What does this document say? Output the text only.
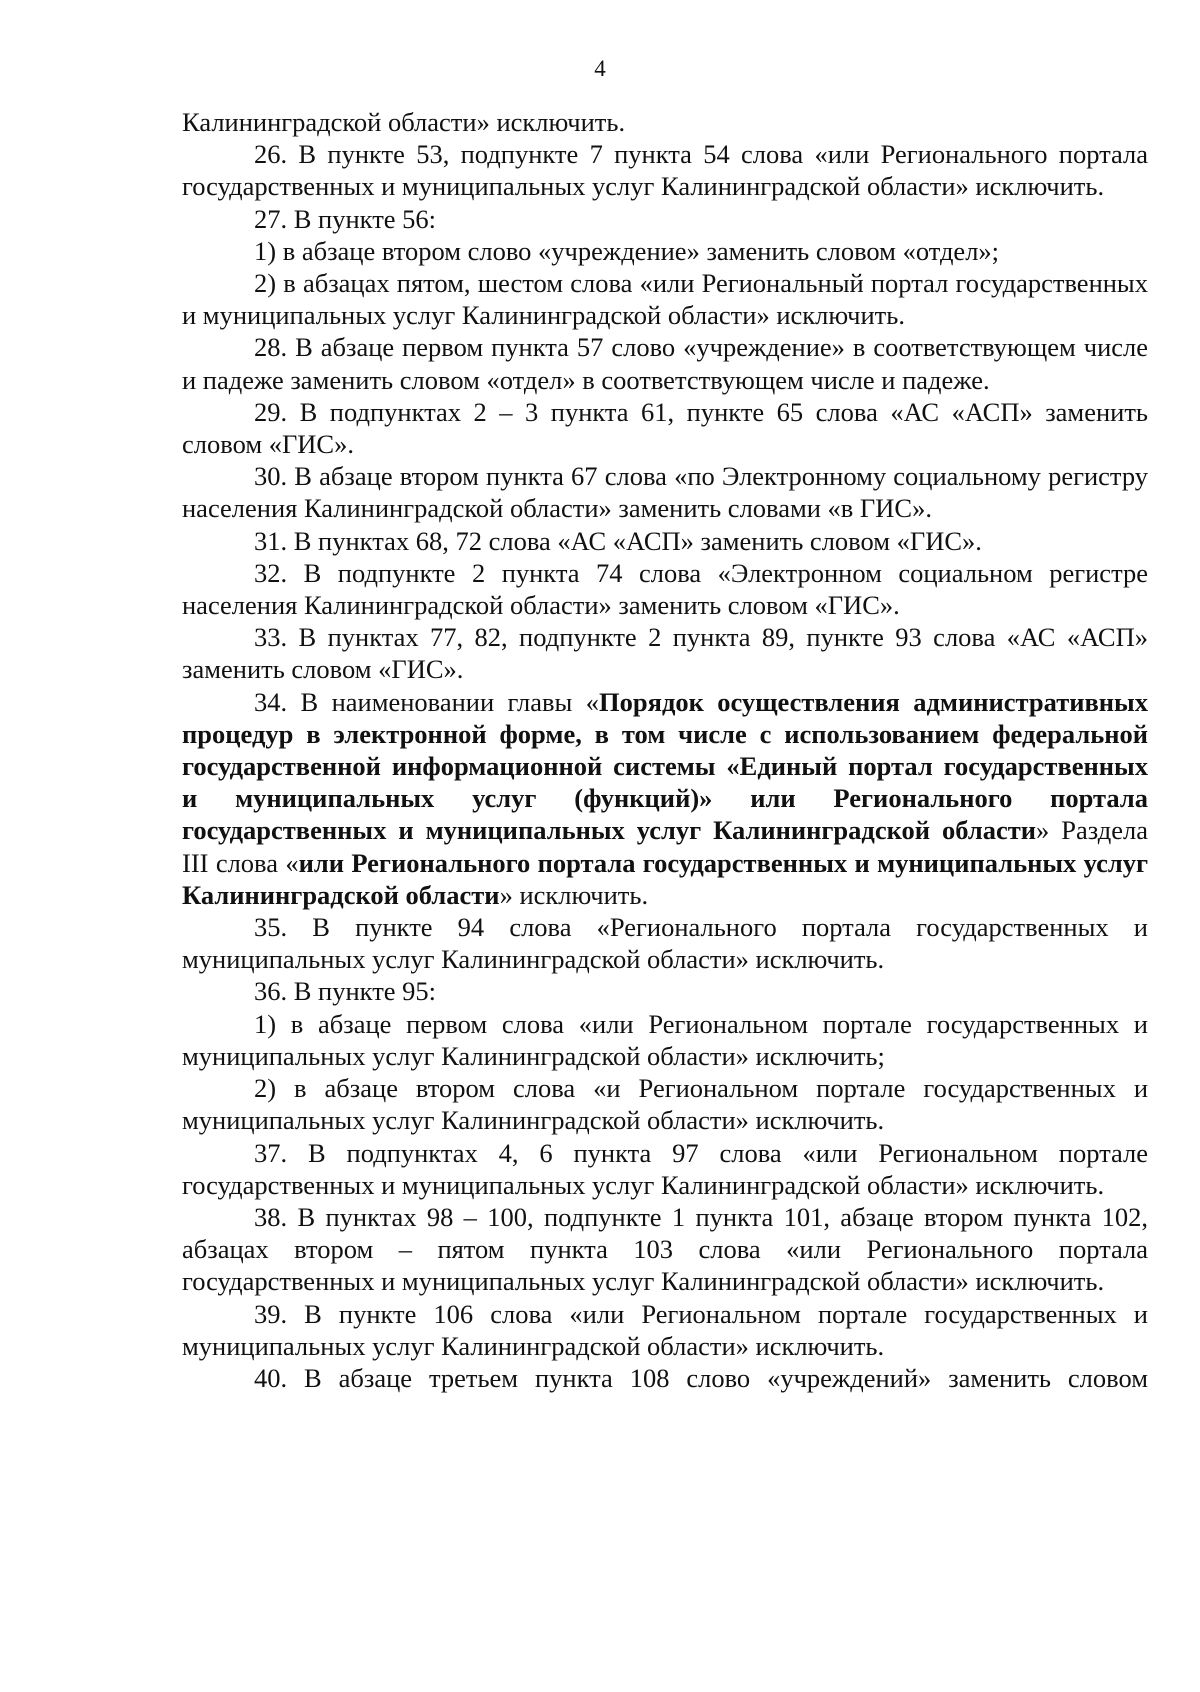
4

Калининградской области» исключить.

26. В пункте 53, подпункте 7 пункта 54 слова «или Регионального портала государственных и муниципальных услуг Калининградской области» исключить.

27. В пункте 56:

1) в абзаце втором слово «учреждение» заменить словом «отдел»;

2) в абзацах пятом, шестом слова «или Региональный портал государственных и муниципальных услуг Калининградской области» исключить.

28. В абзаце первом пункта 57 слово «учреждение» в соответствующем числе и падеже заменить словом «отдел» в соответствующем числе и падеже.

29. В подпунктах 2 – 3 пункта 61, пункте 65 слова «АС «АСП» заменить словом «ГИС».

30. В абзаце втором пункта 67 слова «по Электронному социальному регистру населения Калининградской области» заменить словами «в ГИС».

31. В пунктах 68, 72 слова «АС «АСП» заменить словом «ГИС».

32. В подпункте 2 пункта 74 слова «Электронном социальном регистре населения Калининградской области» заменить словом «ГИС».

33. В пунктах 77, 82, подпункте 2 пункта 89, пункте 93 слова «АС «АСП» заменить словом «ГИС».

34. В наименовании главы «Порядок осуществления административных процедур в электронной форме, в том числе с использованием федеральной государственной информационной системы «Единый портал государственных и муниципальных услуг (функций)» или Регионального портала государственных и муниципальных услуг Калининградской области» Раздела III слова «или Регионального портала государственных и муниципальных услуг Калининградской области» исключить.

35. В пункте 94 слова «Регионального портала государственных и муниципальных услуг Калининградской области» исключить.

36. В пункте 95:

1) в абзаце первом слова «или Региональном портале государственных и муниципальных услуг Калининградской области» исключить;

2) в абзаце втором слова «и Региональном портале государственных и муниципальных услуг Калининградской области» исключить.

37. В подпунктах 4, 6 пункта 97 слова «или Региональном портале государственных и муниципальных услуг Калининградской области» исключить.

38. В пунктах 98 – 100, подпункте 1 пункта 101, абзаце втором пункта 102, абзацах втором – пятом пункта 103 слова «или Регионального портала государственных и муниципальных услуг Калининградской области» исключить.

39. В пункте 106 слова «или Региональном портале государственных и муниципальных услуг Калининградской области» исключить.

40. В абзаце третьем пункта 108 слово «учреждений» заменить словом
